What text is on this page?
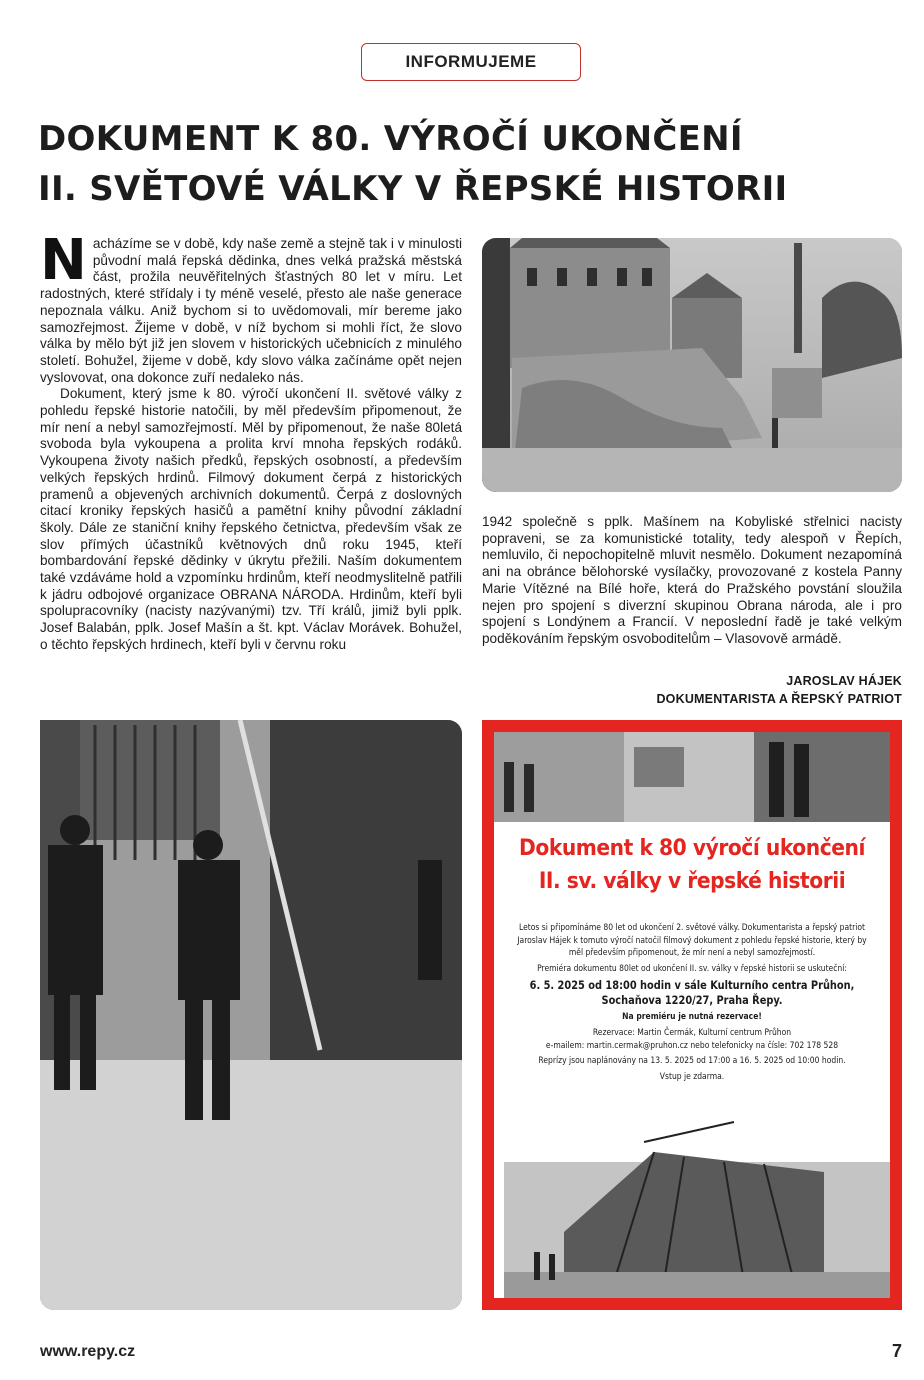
INFORMUJEME
DOKUMENT K 80. VÝROČÍ UKONČENÍ
II. SVĚTOVÉ VÁLKY V ŘEPSKÉ HISTORII

Nacházíme se v době, kdy naše země a stejně tak i v minulosti původní malá řepská dědinka, dnes velká pražská městská část, prožila neuvěřitelných šťastných 80 let v míru. Let radostných, které střídaly i ty méně veselé, přesto ale naše generace nepoznala válku. Aniž bychom si to uvědomovali, mír bereme jako samozřejmost. Žijeme v době, v níž bychom si mohli říct, že slovo válka by mělo být již jen slovem v historických učebnicích z minulého století. Bohužel, žijeme v době, kdy slovo válka začínáme opět nejen vyslovovat, ona dokonce zuří nedaleko nás.

Dokument, který jsme k 80. výročí ukončení II. světové války z pohledu řepské historie natočili, by měl především připomenout, že mír není a nebyl samozřejmostí. Měl by připomenout, že naše 80letá svoboda byla vykoupena a prolita krví mnoha řepských rodáků. Vykoupena životy našich předků, řepských osobností, a především velkých řepských hrdinů. Filmový dokument čerpá z historických pramenů a objevených archivních dokumentů. Čerpá z doslovných citací kroniky řepských hasičů a pamětní knihy původní základní školy. Dále ze staniční knihy řepského četnictva, především však ze slov přímých účastníků květnových dnů roku 1945, kteří bombardování řepské dědinky v úkrytu přežili. Naším dokumentem také vzdáváme hold a vzpomínku hrdinům, kteří neodmyslitelně patřili k jádru odbojové organizace OBRANA NÁRODA. Hrdinům, kteří byli spolupracovníky (nacisty nazývanými) tzv. Tří králů, jimiž byli pplk. Josef Balabán, pplk. Josef Mašín a št. kpt. Václav Morávek. Bohužel, o těchto řepských hrdinech, kteří byli v červnu roku

1942 společně s pplk. Mašínem na Kobyliské střelnici nacisty popraveni, se za komunistické totality, tedy alespoň v Řepích, nemluvilo, či nepochopitelně mluvit nesmělo. Dokument nezapomíná ani na obránce bělohorské vysílačky, provozované z kostela Panny Marie Vítězné na Bílé hoře, která do Pražského povstání sloužila nejen pro spojení s diverzní skupinou Obrana národa, ale i pro spojení s Londýnem a Francií. V neposlední řadě je také velkým poděkováním řepským osvoboditelům – Vlasovově armádě.

JAROSLAV HÁJEK
DOKUMENTARISTA A ŘEPSKÝ PATRIOT
Dokument k 80 výročí ukončení
II. sv. války v řepské historii

Letos si připomínáme 80 let od ukončení 2. světové války. Dokumentarista a řepský patriot Jaroslav Hájek k tomuto výročí natočil filmový dokument z pohledu řepské historie, který by měl především připomenout, že mír není a nebyl samozřejmostí.

Premiéra dokumentu 80let od ukončení II. sv. války v řepské historii se uskuteční:

6. 5. 2025 od 18:00 hodin v sále Kulturního centra Průhon, Sochaňova 1220/27, Praha Řepy.

Na premiéru je nutná rezervace!

Rezervace: Martin Čermák, Kulturní centrum Průhon

e-mailem: martin.cermak@pruhon.cz nebo telefonicky na čísle: 702 178 528

Reprízy jsou naplánovány na 13. 5. 2025 od 17:00 a 16. 5. 2025 od 10:00 hodin.

Vstup je zdarma.

www.repy.cz	7
